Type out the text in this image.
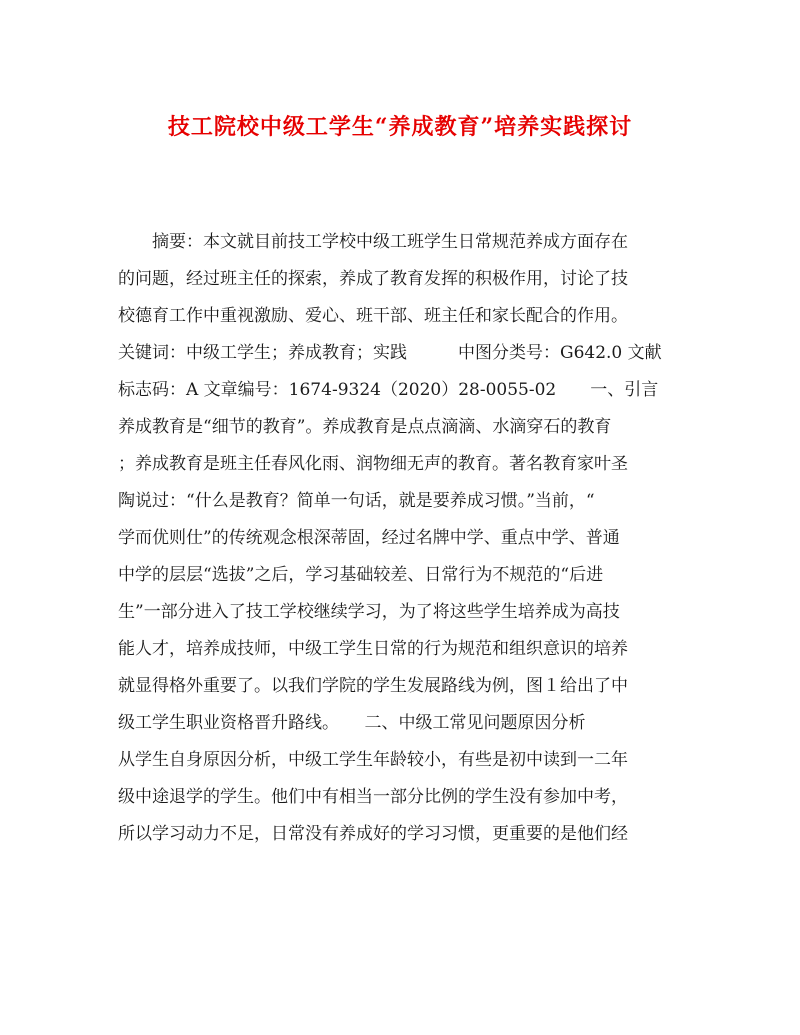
技工院校中级工学生“养成教育”培养实践探讨
　　摘要：本文就目前技工学校中级工班学生日常规范养成方面存在
的问题，经过班主任的探索，养成了教育发挥的积极作用，讨论了技
校德育工作中重视激励、爱心、班干部、班主任和家长配合的作用。
关键词：中级工学生；养成教育；实践　　　中图分类号：G642.0 文献
标志码：A 文章编号：1674-9324（2020）28-0055-02　　一、引言
养成教育是“细节的教育”。养成教育是点点滴滴、水滴穿石的教育
；养成教育是班主任春风化雨、润物细无声的教育。著名教育家叶圣
陶说过：“什么是教育？简单一句话，就是要养成习惯。”当前，“
学而优则仕”的传统观念根深蒂固，经过名牌中学、重点中学、普通
中学的层层“选拔”之后，学习基础较差、日常行为不规范的“后进
生”一部分进入了技工学校继续学习，为了将这些学生培养成为高技
能人才，培养成技师，中级工学生日常的行为规范和组织意识的培养
就显得格外重要了。以我们学院的学生发展路线为例，图１给出了中
级工学生职业资格晋升路线。　　二、中级工常见问题原因分析
从学生自身原因分析，中级工学生年龄较小，有些是初中读到一二年
级中途退学的学生。他们中有相当一部分比例的学生没有参加中考，
所以学习动力不足，日常没有养成好的学习习惯，更重要的是他们经
